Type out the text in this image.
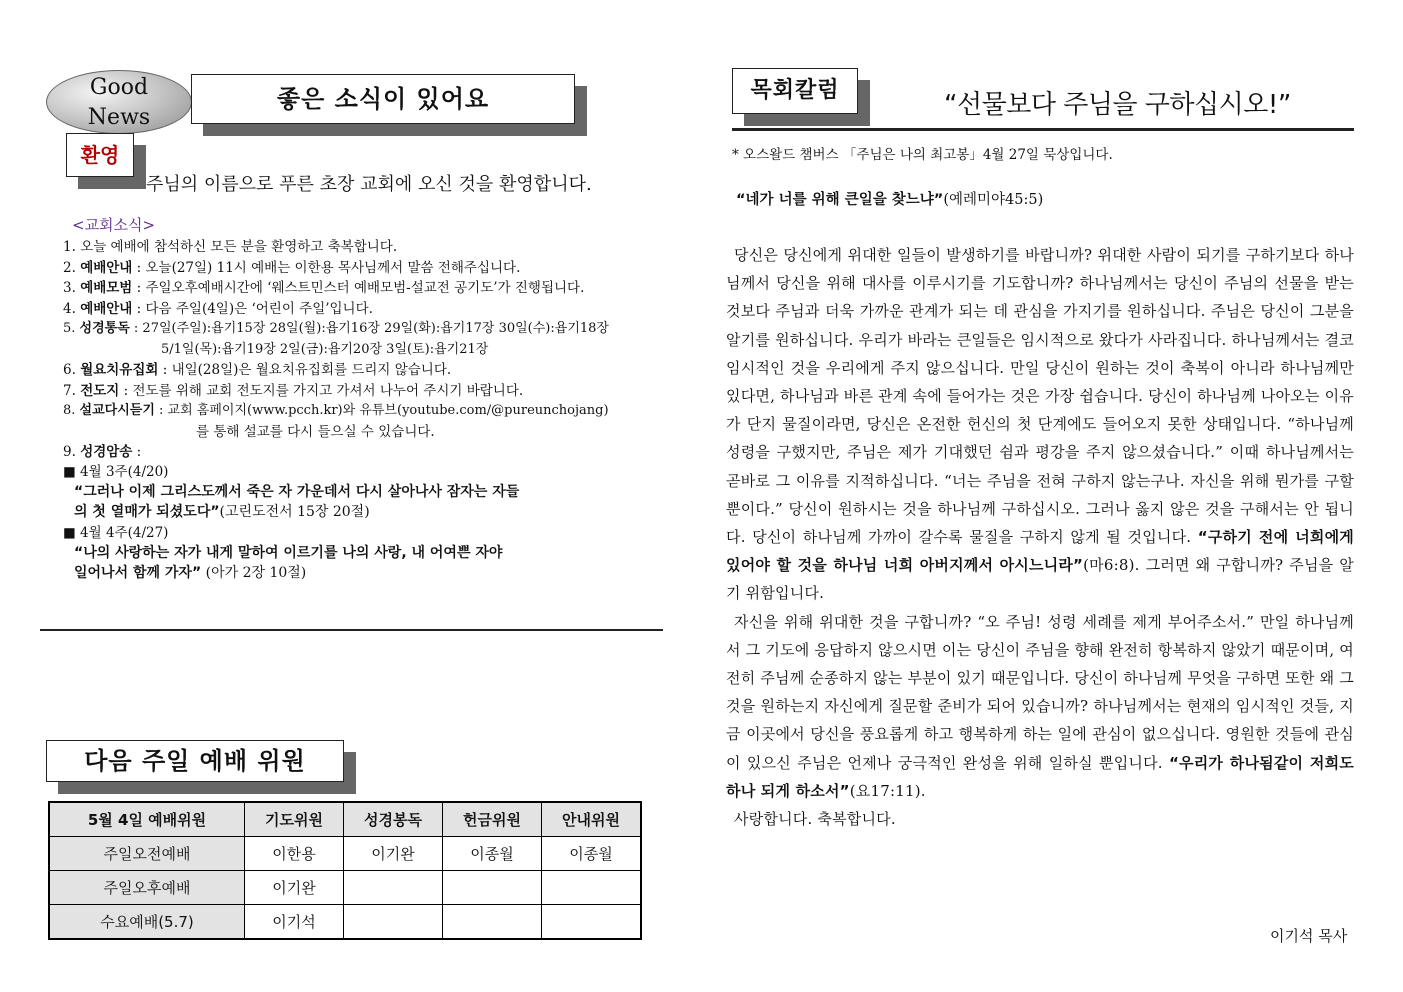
Good
News
좋은 소식이 있어요
환영
주님의 이름으로 푸른 초장 교회에 오신 것을 환영합니다.
<교회소식>
1. 오늘 예배에 참석하신 모든 분을 환영하고 축복합니다.
2. 예배안내 : 오늘(27일) 11시 예배는 이한용 목사님께서 말씀 전해주십니다.
3. 예배모범 : 주일오후예배시간에 ‘웨스트민스터 예배모범-설교전 공기도’가 진행됩니다.
4. 예배안내 : 다음 주일(4일)은 ‘어린이 주일’입니다.
5. 성경통독 : 27일(주일):욥기15장 28일(월):욥기16장 29일(화):욥기17장 30일(수):욥기18장
5/1일(목):욥기19장 2일(금):욥기20장 3일(토):욥기21장
6. 월요치유집회 : 내일(28일)은 월요치유집회를 드리지 않습니다.
7. 전도지 : 전도를 위해 교회 전도지를 가지고 가셔서 나누어 주시기 바랍니다.
8. 설교다시듣기 : 교회 홈페이지(www.pcch.kr)와 유튜브(youtube.com/@pureunchojang)
를 통해 설교를 다시 들으실 수 있습니다.
9. 성경암송 :
■ 4월 3주(4/20)
“그러나 이제 그리스도께서 죽은 자 가운데서 다시 살아나사 잠자는 자들
의 첫 열매가 되셨도다”(고린도전서 15장 20절)
■ 4월 4주(4/27)
“나의 사랑하는 자가 내게 말하여 이르기를 나의 사랑, 내 어여쁜 자야
일어나서 함께 가자” (아가 2장 10절)
다음 주일 예배 위원
5월 4일 예배위원	기도위원	성경봉독	헌금위원	안내위원
주일오전예배	이한용	이기완	이종월	이종월
주일오후예배	이기완			
수요예배(5.7)	이기석			
목회칼럼	“선물보다 주님을 구하십시오!”
* 오스왈드 챔버스 「주님은 나의 최고봉」4월 27일 묵상입니다.
“네가 너를 위해 큰일을 찾느냐”(예레미야45:5)

당신은 당신에게 위대한 일들이 발생하기를 바랍니까? 위대한 사람이 되기를 구하기보다 하나님께서 당신을 위해 대사를 이루시기를 기도합니까? 하나님께서는 당신이 주님의 선물을 받는 것보다 주님과 더욱 가까운 관계가 되는 데 관심을 가지기를 원하십니다. 주님은 당신이 그분을 알기를 원하십니다. 우리가 바라는 큰일들은 임시적으로 왔다가 사라집니다. 하나님께서는 결코 임시적인 것을 우리에게 주지 않으십니다. 만일 당신이 원하는 것이 축복이 아니라 하나님께만 있다면, 하나님과 바른 관계 속에 들어가는 것은 가장 쉽습니다. 당신이 하나님께 나아오는 이유가 단지 물질이라면, 당신은 온전한 헌신의 첫 단계에도 들어오지 못한 상태입니다. “하나님께 성령을 구했지만, 주님은 제가 기대했던 쉼과 평강을 주지 않으셨습니다.” 이때 하나님께서는 곧바로 그 이유를 지적하십니다. “너는 주님을 전혀 구하지 않는구나. 자신을 위해 뭔가를 구할 뿐이다.” 당신이 원하시는 것을 하나님께 구하십시오. 그러나 옳지 않은 것을 구해서는 안 됩니다. 당신이 하나님께 가까이 갈수록 물질을 구하지 않게 될 것입니다. “구하기 전에 너희에게 있어야 할 것을 하나님 너희 아버지께서 아시느니라”(마6:8). 그러면 왜 구합니까? 주님을 알기 위함입니다.

자신을 위해 위대한 것을 구합니까? “오 주님! 성령 세례를 제게 부어주소서.” 만일 하나님께서 그 기도에 응답하지 않으시면 이는 당신이 주님을 향해 완전히 항복하지 않았기 때문이며, 여전히 주님께 순종하지 않는 부분이 있기 때문입니다. 당신이 하나님께 무엇을 구하면 또한 왜 그것을 원하는지 자신에게 질문할 준비가 되어 있습니까? 하나님께서는 현재의 임시적인 것들, 지금 이곳에서 당신을 풍요롭게 하고 행복하게 하는 일에 관심이 없으십니다. 영원한 것들에 관심이 있으신 주님은 언제나 궁극적인 완성을 위해 일하실 뿐입니다. “우리가 하나됨같이 저희도 하나 되게 하소서”(요17:11).

사랑합니다. 축복합니다.

이기석 목사
